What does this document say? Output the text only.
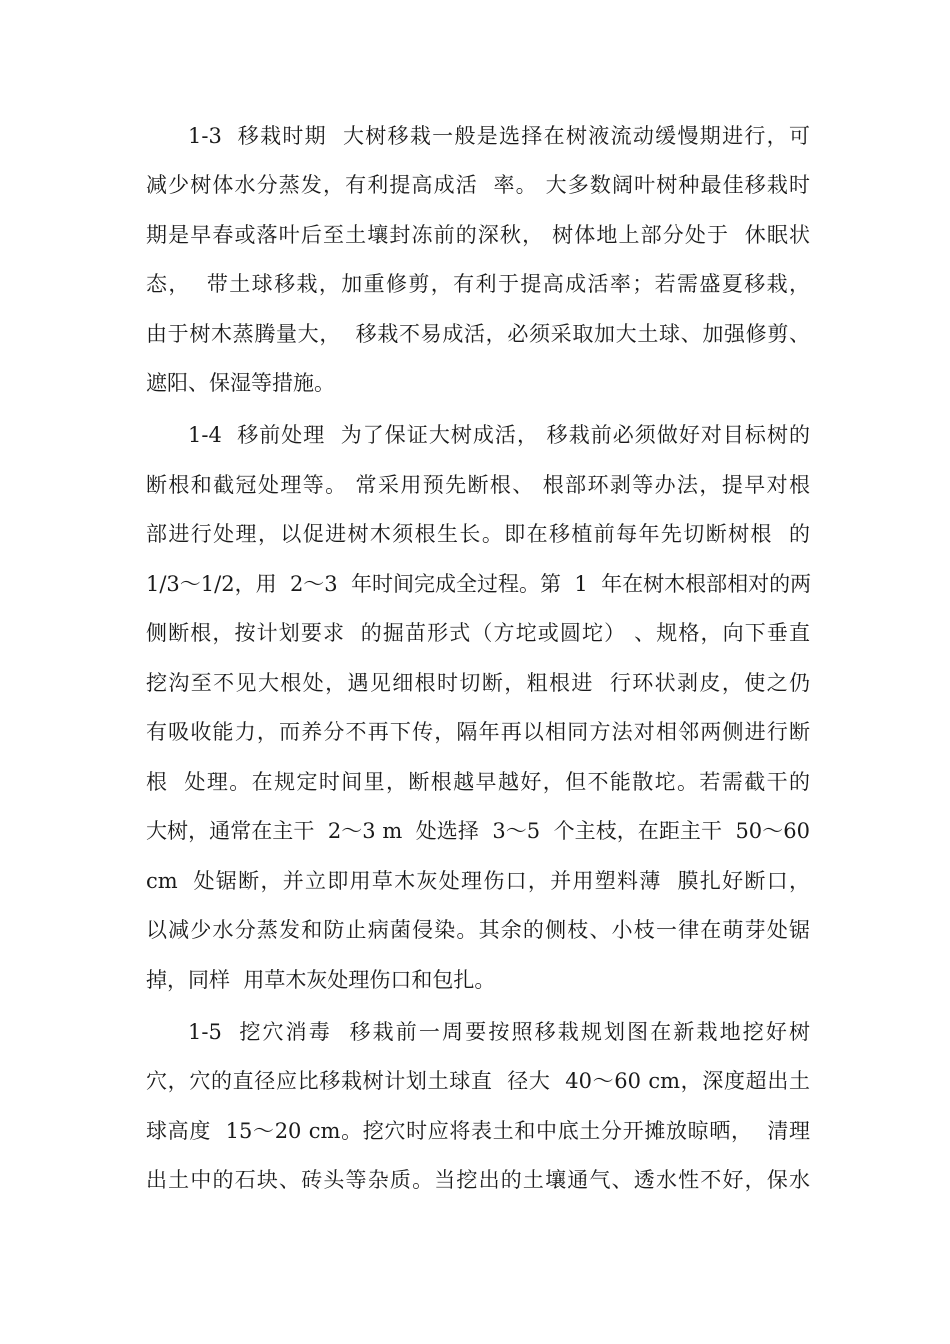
1-3  移栽时期  大树移栽一般是选择在树液流动缓慢期进行，可
减少树体水分蒸发，有利提高成活  率。 大多数阔叶树种最佳移栽时
期是早春或落叶后至土壤封冻前的深秋， 树体地上部分处于  休眠状
态，  带土球移栽，加重修剪，有利于提高成活率；若需盛夏移栽，
由于树木蒸腾量大，  移栽不易成活，必须采取加大土球、加强修剪、
遮阳、保湿等措施。
1-4  移前处理  为了保证大树成活， 移栽前必须做好对目标树的
断根和截冠处理等。 常采用预先断根、 根部环剥等办法，提早对根
部进行处理，以促进树木须根生长。即在移植前每年先切断树根  的
1/3～1/2，用  2～3  年时间完成全过程。第  1  年在树木根部相对的两
侧断根，按计划要求  的掘苗形式（方坨或圆坨） 、规格，向下垂直
挖沟至不见大根处，遇见细根时切断，粗根进  行环状剥皮，使之仍
有吸收能力，而养分不再下传，隔年再以相同方法对相邻两侧进行断
根  处理。在规定时间里，断根越早越好，但不能散坨。若需截干的
大树，通常在主干  2～3 m  处选择  3～5  个主枝，在距主干  50～60
cm  处锯断，并立即用草木灰处理伤口，并用塑料薄  膜扎好断口，
以减少水分蒸发和防止病菌侵染。其余的侧枝、小枝一律在萌芽处锯
掉，同样  用草木灰处理伤口和包扎。
1-5  挖穴消毒  移栽前一周要按照移栽规划图在新栽地挖好树
穴，穴的直径应比移栽树计划土球直  径大  40～60 cm，深度超出土
球高度  15～20 cm。挖穴时应将表土和中底土分开摊放晾晒，  清理
出土中的石块、砖头等杂质。当挖出的土壤通气、透水性不好，保水
